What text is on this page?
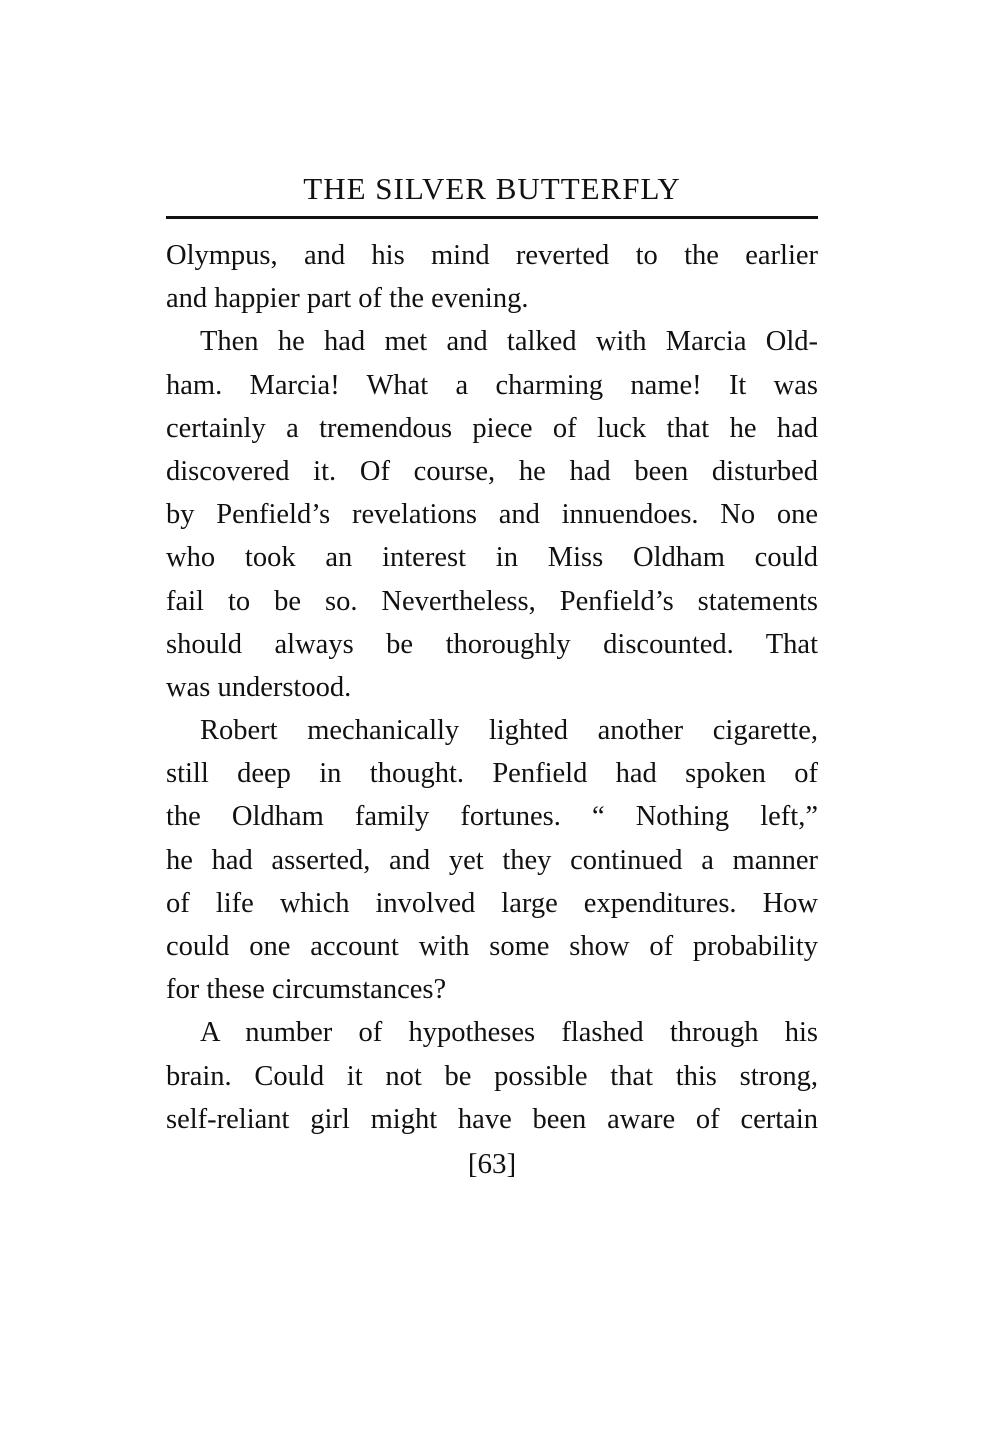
THE SILVER BUTTERFLY
Olympus, and his mind reverted to the earlier
and happier part of the evening.
Then he had met and talked with Marcia Old-
ham. Marcia! What a charming name! It was
certainly a tremendous piece of luck that he had
discovered it. Of course, he had been disturbed
by Penfield’s revelations and innuendoes. No one
who took an interest in Miss Oldham could
fail to be so. Nevertheless, Penfield’s statements
should always be thoroughly discounted. That
was understood.
Robert mechanically lighted another cigarette,
still deep in thought. Penfield had spoken of
the Oldham family fortunes. “ Nothing left,”
he had asserted, and yet they continued a manner
of life which involved large expenditures. How
could one account with some show of probability
for these circumstances?
A number of hypotheses flashed through his
brain. Could it not be possible that this strong,
self-reliant girl might have been aware of certain
[63]
